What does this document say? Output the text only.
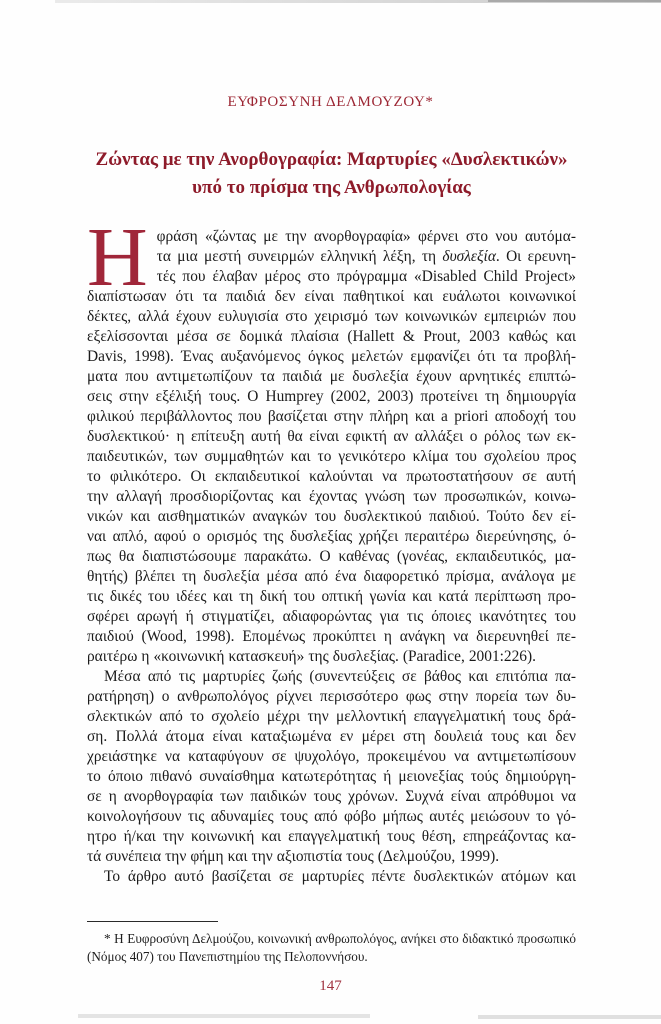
ΕΥΦΡΟΣΥΝΗ ΔΕΛΜΟΥΖΟΥ*
Ζώντας με την Ανορθογραφία: Μαρτυρίες «Δυσλεκτικών»
υπό το πρίσμα της Ανθρωπολογίας
Η φράση «ζώντας με την ανορθογραφία» φέρνει στο νου αυτόμα-
τα μια μεστή συνειρμών ελληνική λέξη, τη δυσλεξία. Οι ερευνη-
τές που έλαβαν μέρος στο πρόγραμμα «Disabled Child Project»
διαπίστωσαν ότι τα παιδιά δεν είναι παθητικοί και ευάλωτοι κοινωνικοί
δέκτες, αλλά έχουν ευλυγισία στο χειρισμό των κοινωνικών εμπειριών που
εξελίσσονται μέσα σε δομικά πλαίσια (Hallett & Prout, 2003 καθώς και
Davis, 1998). Ένας αυξανόμενος όγκος μελετών εμφανίζει ότι τα προβλή-
ματα που αντιμετωπίζουν τα παιδιά με δυσλεξία έχουν αρνητικές επιπτώ-
σεις στην εξέλιξή τους. Ο Humprey (2002, 2003) προτείνει τη δημιουργία
φιλικού περιβάλλοντος που βασίζεται στην πλήρη και a priori αποδοχή του
δυσλεκτικού· η επίτευξη αυτή θα είναι εφικτή αν αλλάξει ο ρόλος των εκ-
παιδευτικών, των συμμαθητών και το γενικότερο κλίμα του σχολείου προς
το φιλικότερο. Οι εκπαιδευτικοί καλούνται να πρωτοστατήσουν σε αυτή
την αλλαγή προσδιορίζοντας και έχοντας γνώση των προσωπικών, κοινω-
νικών και αισθηματικών αναγκών του δυσλεκτικού παιδιού. Τούτο δεν εί-
ναι απλό, αφού ο ορισμός της δυσλεξίας χρήζει περαιτέρω διερεύνησης, ό-
πως θα διαπιστώσουμε παρακάτω. Ο καθένας (γονέας, εκπαιδευτικός, μα-
θητής) βλέπει τη δυσλεξία μέσα από ένα διαφορετικό πρίσμα, ανάλογα με
τις δικές του ιδέες και τη δική του οπτική γωνία και κατά περίπτωση προ-
σφέρει αρωγή ή στιγματίζει, αδιαφορώντας για τις όποιες ικανότητες του
παιδιού (Wood, 1998). Επομένως προκύπτει η ανάγκη να διερευνηθεί πε-
ραιτέρω η «κοινωνική κατασκευή» της δυσλεξίας. (Paradice, 2001:226).
Μέσα από τις μαρτυρίες ζωής (συνεντεύξεις σε βάθος και επιτόπια πα-
ρατήρηση) ο ανθρωπολόγος ρίχνει περισσότερο φως στην πορεία των δυ-
σλεκτικών από το σχολείο μέχρι την μελλοντική επαγγελματική τους δρά-
ση. Πολλά άτομα είναι καταξιωμένα εν μέρει στη δουλειά τους και δεν
χρειάστηκε να καταφύγουν σε ψυχολόγο, προκειμένου να αντιμετωπίσουν
το όποιο πιθανό συναίσθημα κατωτερότητας ή μειονεξίας τούς δημιούργη-
σε η ανορθογραφία των παιδικών τους χρόνων. Συχνά είναι απρόθυμοι να
κοινολογήσουν τις αδυναμίες τους από φόβο μήπως αυτές μειώσουν το γό-
ητρο ή/και την κοινωνική και επαγγελματική τους θέση, επηρεάζοντας κα-
τά συνέπεια την φήμη και την αξιοπιστία τους (Δελμούζου, 1999).
Το άρθρο αυτό βασίζεται σε μαρτυρίες πέντε δυσλεκτικών ατόμων και
* Η Ευφροσύνη Δελμούζου, κοινωνική ανθρωπολόγος, ανήκει στο διδακτικό προσωπικό
(Νόμος 407) του Πανεπιστημίου της Πελοποννήσου.
147
